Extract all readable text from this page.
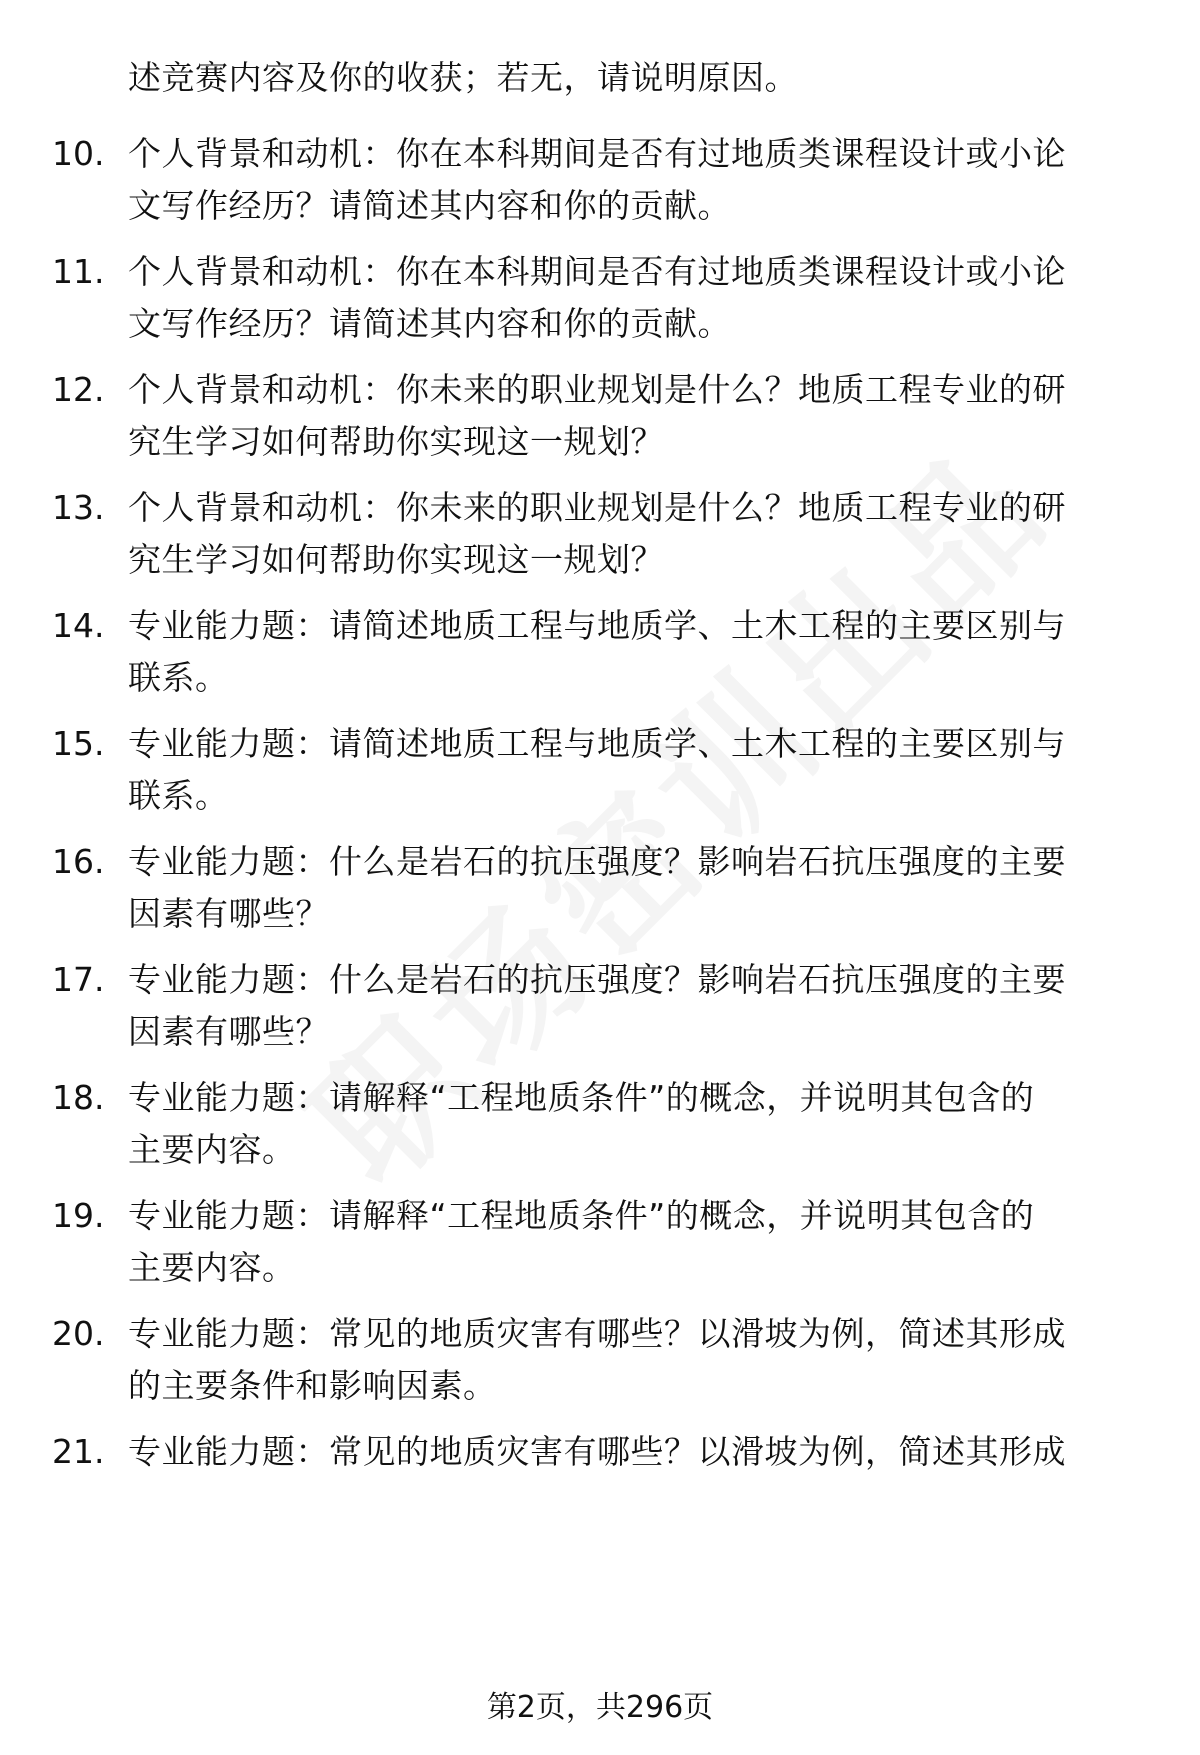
述竞赛内容及你的收获；若无，请说明原因。
10. 个人背景和动机：你在本科期间是否有过地质类课程设计或小论
文写作经历？请简述其内容和你的贡献。
11. 个人背景和动机：你在本科期间是否有过地质类课程设计或小论
文写作经历？请简述其内容和你的贡献。
12. 个人背景和动机：你未来的职业规划是什么？地质工程专业的研
究生学习如何帮助你实现这一规划？
13. 个人背景和动机：你未来的职业规划是什么？地质工程专业的研
究生学习如何帮助你实现这一规划？
14. 专业能力题：请简述地质工程与地质学、土木工程的主要区别与
联系。
15. 专业能力题：请简述地质工程与地质学、土木工程的主要区别与
联系。
16. 专业能力题：什么是岩石的抗压强度？影响岩石抗压强度的主要
因素有哪些？
17. 专业能力题：什么是岩石的抗压强度？影响岩石抗压强度的主要
因素有哪些？
18. 专业能力题：请解释“工程地质条件”的概念，并说明其包含的
主要内容。
19. 专业能力题：请解释“工程地质条件”的概念，并说明其包含的
主要内容。
20. 专业能力题：常见的地质灾害有哪些？以滑坡为例，简述其形成
的主要条件和影响因素。
21. 专业能力题：常见的地质灾害有哪些？以滑坡为例，简述其形成
第2页，共296页
